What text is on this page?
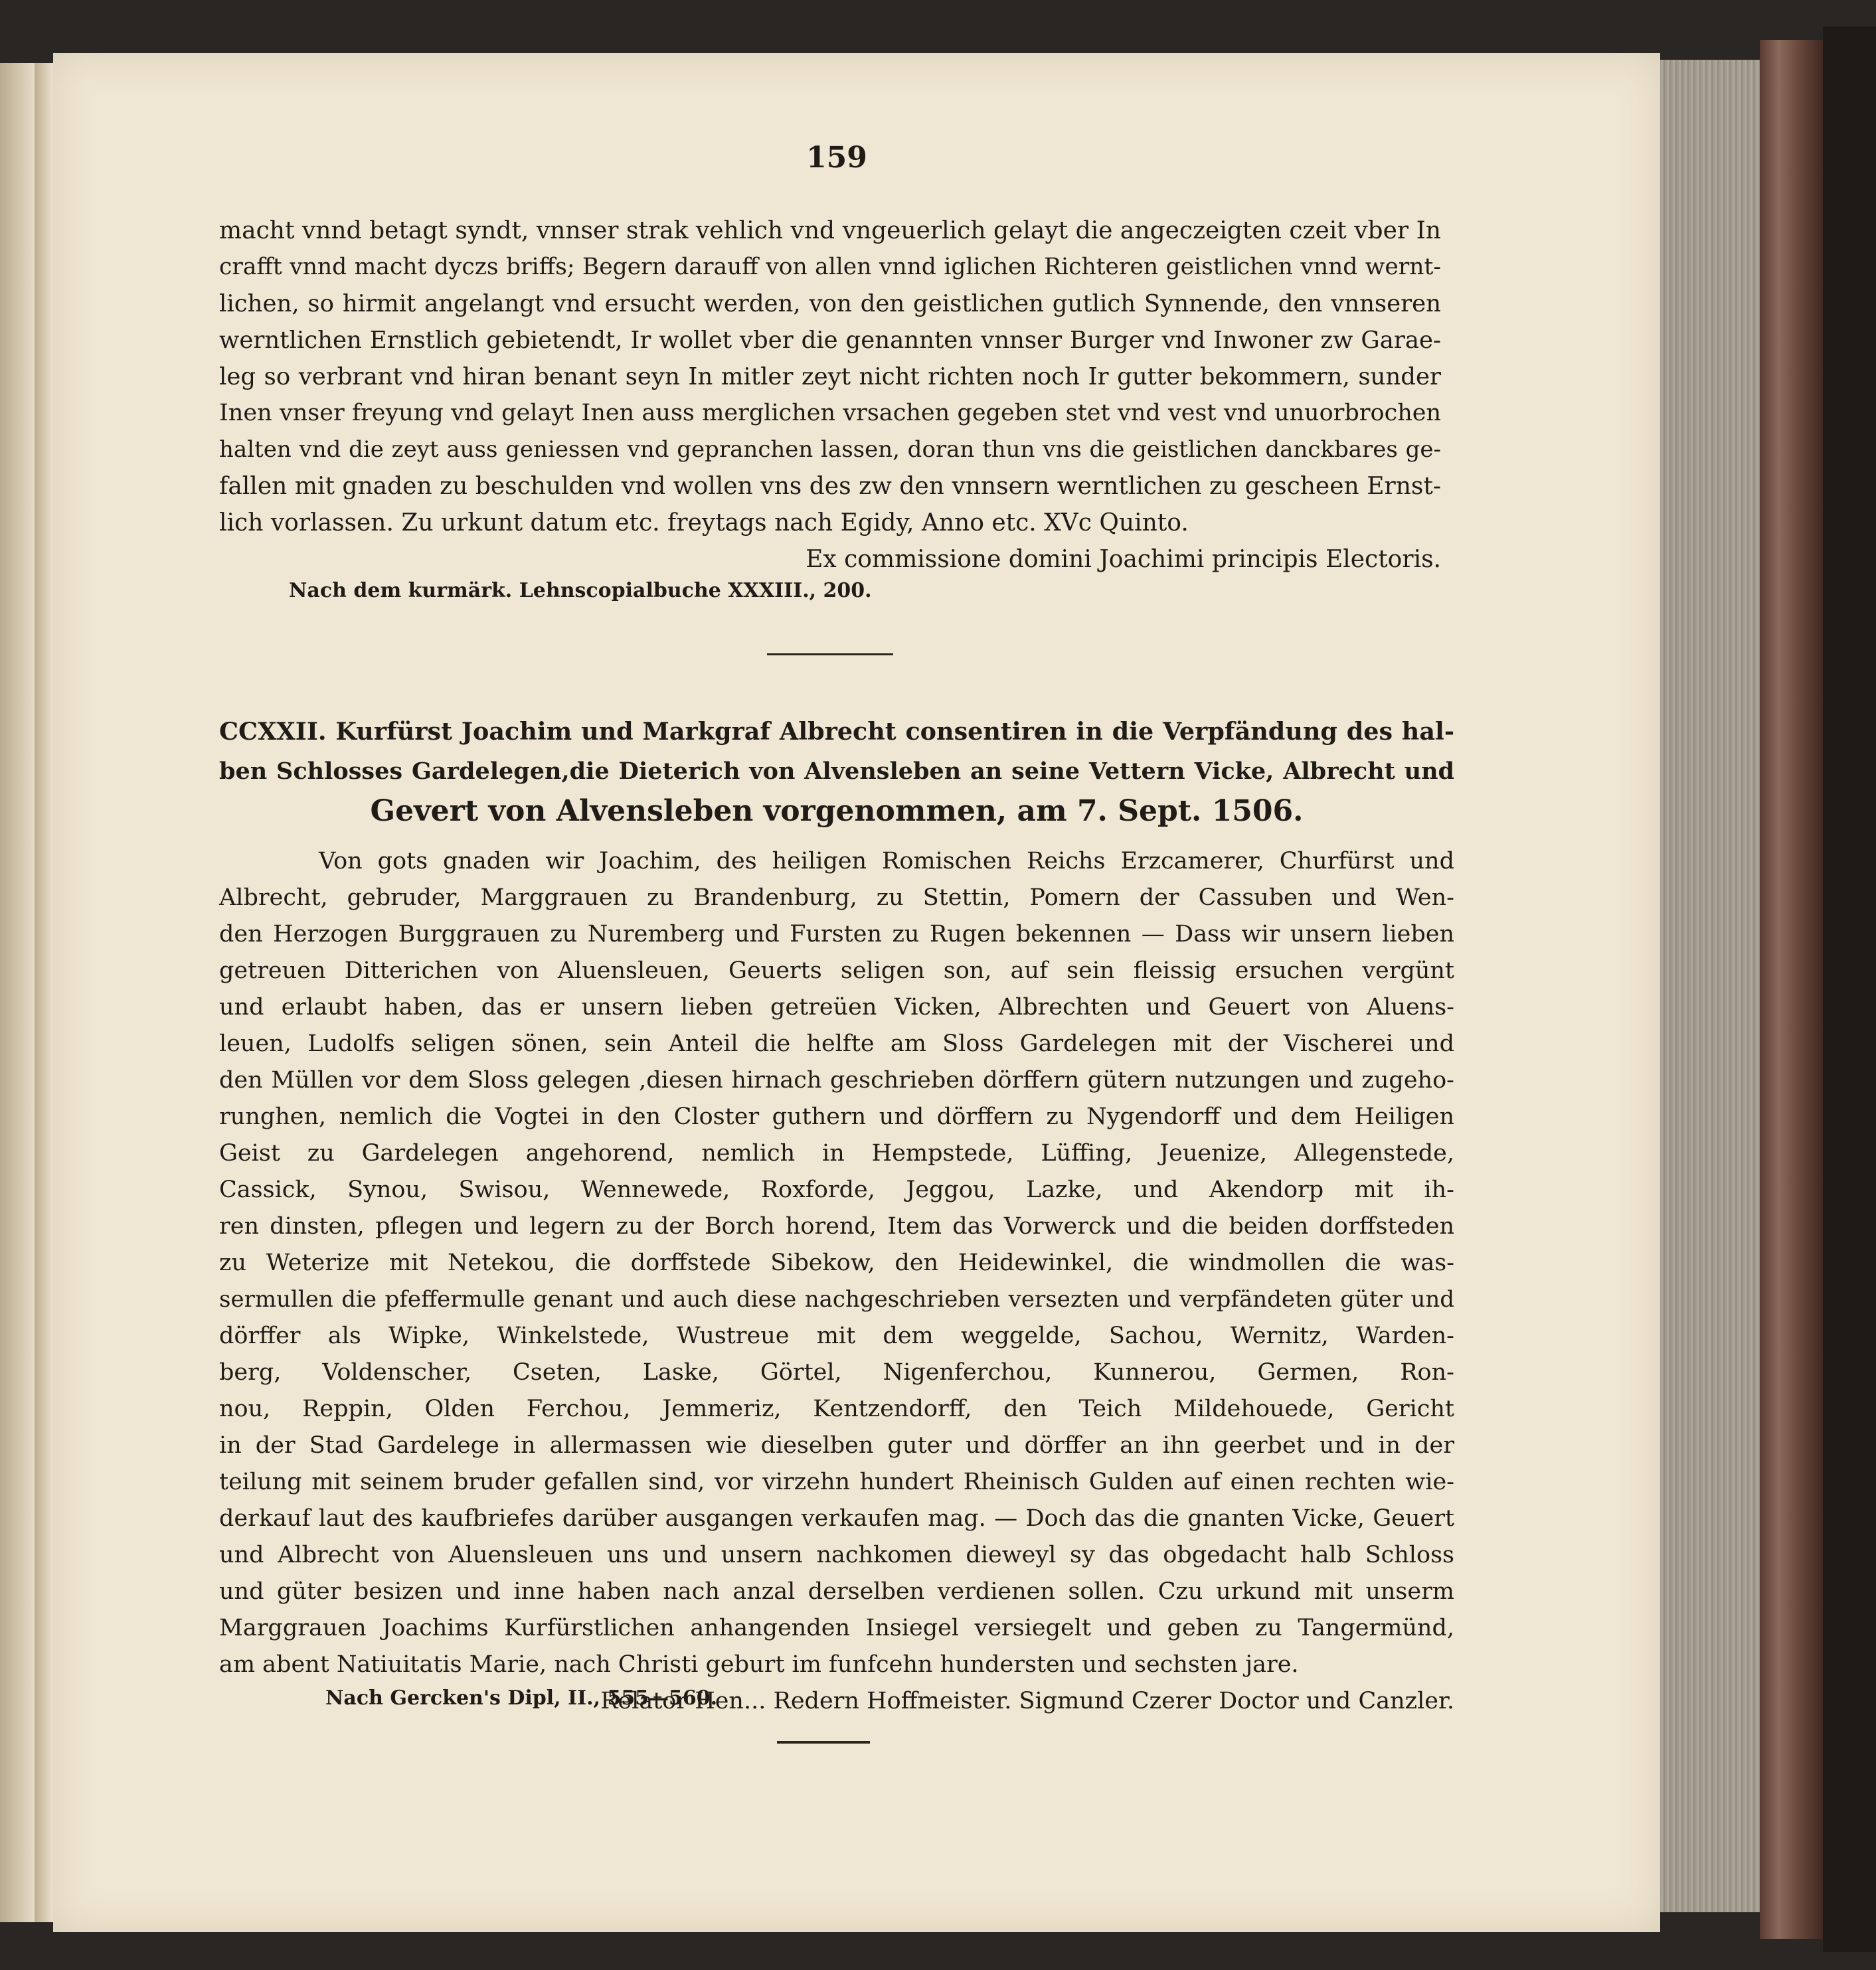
159
macht vnnd betagt syndt, vnnser strak vehlich vnd vngeuerlich gelayt die angeczeigten czeit vber In
crafft vnnd macht dyczs briffs; Begern darauff von allen vnnd iglichen Richteren geistlichen vnnd wernt-
lichen, so hirmit angelangt vnd ersucht werden, von den geistlichen gutlich Synnende, den vnnseren
werntlichen Ernstlich gebietendt, Ir wollet vber die genannten vnnser Burger vnd Inwoner zw Garae-
leg so verbrant vnd hiran benant seyn In mitler zeyt nicht richten noch Ir gutter bekommern, sunder
Inen vnser freyung vnd gelayt Inen auss merglichen vrsachen gegeben stet vnd vest vnd unuorbrochen
halten vnd die zeyt auss geniessen vnd gepranchen lassen, doran thun vns die geistlichen danckbares ge-
fallen mit gnaden zu beschulden vnd wollen vns des zw den vnnsern werntlichen zu gescheen Ernst-
lich vorlassen. Zu urkunt datum etc. freytags nach Egidy, Anno etc. XVc Quinto.
Ex commissione domini Joachimi principis Electoris.
Nach dem kurmärk. Lehnscopialbuche XXXIII., 200.
CCXXII. Kurfürst Joachim und Markgraf Albrecht consentiren in die Verpfändung des hal-
ben Schlosses Gardelegen,die Dieterich von Alvensleben an seine Vettern Vicke, Albrecht und
Gevert von Alvensleben vorgenommen, am 7. Sept. 1506.
Von gots gnaden wir Joachim, des heiligen Romischen Reichs Erzcamerer, Churfürst und
Albrecht, gebruder, Marggrauen zu Brandenburg, zu Stettin, Pomern der Cassuben und Wen-
den Herzogen Burggrauen zu Nuremberg und Fursten zu Rugen bekennen — Dass wir unsern lieben
getreuen Ditterichen von Aluensleuen, Geuerts seligen son, auf sein fleissig ersuchen vergünt
und erlaubt haben, das er unsern lieben getreüen Vicken, Albrechten und Geuert von Aluens-
leuen, Ludolfs seligen sönen, sein Anteil die helfte am Sloss Gardelegen mit der Vischerei und
den Müllen vor dem Sloss gelegen ,diesen hirnach geschrieben dörffern gütern nutzungen und zugeho-
runghen, nemlich die Vogtei in den Closter guthern und dörffern zu Nygendorff und dem Heiligen
Geist zu Gardelegen angehorend, nemlich in Hempstede, Lüffing, Jeuenize, Allegenstede,
Cassick, Synou, Swisou, Wennewede, Roxforde, Jeggou, Lazke, und Akendorp mit ih-
ren dinsten, pflegen und legern zu der Borch horend, Item das Vorwerck und die beiden dorffsteden
zu Weterize mit Netekou, die dorffstede Sibekow, den Heidewinkel, die windmollen die was-
sermullen die pfeffermulle genant und auch diese nachgeschrieben versezten und verpfändeten güter und
dörffer als Wipke, Winkelstede, Wustreue mit dem weggelde, Sachou, Wernitz, Warden-
berg, Voldenscher, Cseten, Laske, Görtel, Nigenferchou, Kunnerou, Germen, Ron-
nou, Reppin, Olden Ferchou, Jemmeriz, Kentzendorff, den Teich Mildehouede, Gericht
in der Stad Gardelege in allermassen wie dieselben guter und dörffer an ihn geerbet und in der
teilung mit seinem bruder gefallen sind, vor virzehn hundert Rheinisch Gulden auf einen rechten wie-
derkauf laut des kaufbriefes darüber ausgangen verkaufen mag. — Doch das die gnanten Vicke, Geuert
und Albrecht von Aluensleuen uns und unsern nachkomen dieweyl sy das obgedacht halb Schloss
und güter besizen und inne haben nach anzal derselben verdienen sollen. Czu urkund mit unserm
Marggrauen Joachims Kurfürstlichen anhangenden Insiegel versiegelt und geben zu Tangermünd,
am abent Natiuitatis Marie, nach Christi geburt im funfcehn hundersten und sechsten jare.
Relator Hen... Redern Hoffmeister. Sigmund Czerer Doctor und Canzler.
Nach Gercken's Dipl, II., 555—560.
